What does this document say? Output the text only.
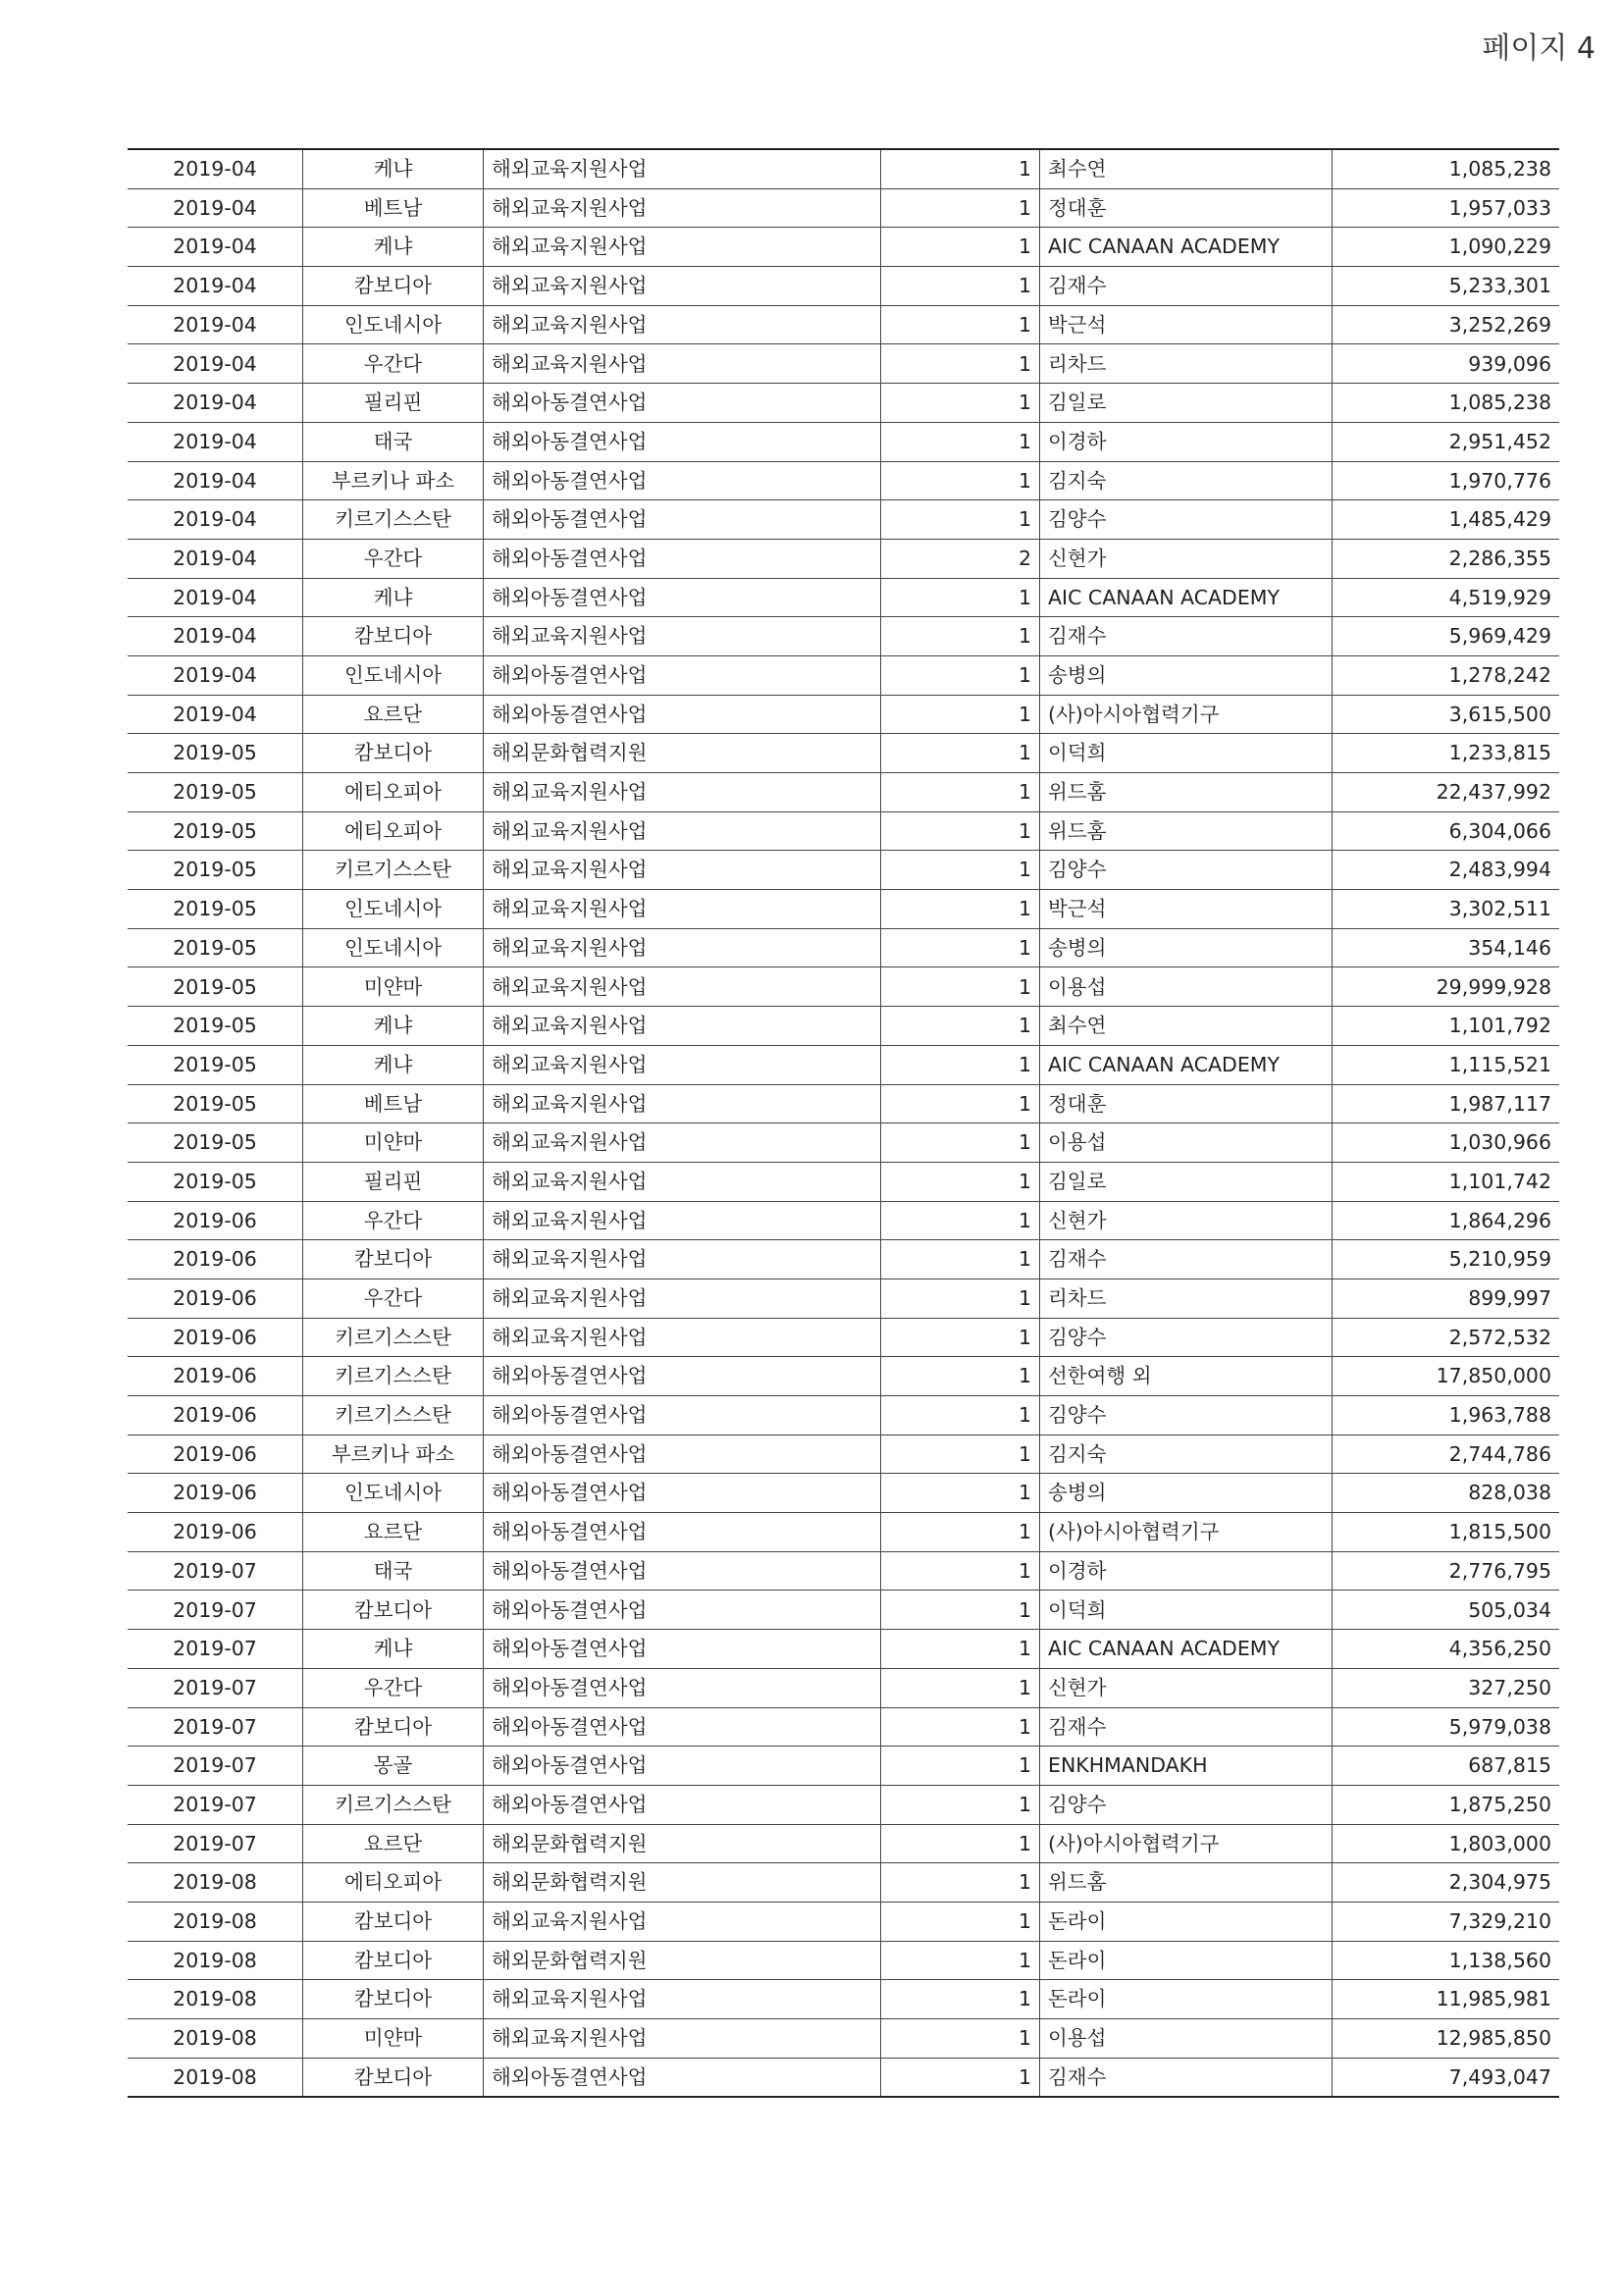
페이지 4
2019-04	케냐	해외교육지원사업	1	최수연	1,085,238
2019-04	베트남	해외교육지원사업	1	정대훈	1,957,033
2019-04	케냐	해외교육지원사업	1	AIC CANAAN ACADEMY	1,090,229
2019-04	캄보디아	해외교육지원사업	1	김재수	5,233,301
2019-04	인도네시아	해외교육지원사업	1	박근석	3,252,269
2019-04	우간다	해외교육지원사업	1	리차드	939,096
2019-04	필리핀	해외아동결연사업	1	김일로	1,085,238
2019-04	태국	해외아동결연사업	1	이경하	2,951,452
2019-04	부르키나 파소	해외아동결연사업	1	김지숙	1,970,776
2019-04	키르기스스탄	해외아동결연사업	1	김양수	1,485,429
2019-04	우간다	해외아동결연사업	2	신현가	2,286,355
2019-04	케냐	해외아동결연사업	1	AIC CANAAN ACADEMY	4,519,929
2019-04	캄보디아	해외교육지원사업	1	김재수	5,969,429
2019-04	인도네시아	해외아동결연사업	1	송병의	1,278,242
2019-04	요르단	해외아동결연사업	1	(사)아시아협력기구	3,615,500
2019-05	캄보디아	해외문화협력지원	1	이덕희	1,233,815
2019-05	에티오피아	해외교육지원사업	1	위드홈	22,437,992
2019-05	에티오피아	해외교육지원사업	1	위드홈	6,304,066
2019-05	키르기스스탄	해외교육지원사업	1	김양수	2,483,994
2019-05	인도네시아	해외교육지원사업	1	박근석	3,302,511
2019-05	인도네시아	해외교육지원사업	1	송병의	354,146
2019-05	미얀마	해외교육지원사업	1	이용섭	29,999,928
2019-05	케냐	해외교육지원사업	1	최수연	1,101,792
2019-05	케냐	해외교육지원사업	1	AIC CANAAN ACADEMY	1,115,521
2019-05	베트남	해외교육지원사업	1	정대훈	1,987,117
2019-05	미얀마	해외교육지원사업	1	이용섭	1,030,966
2019-05	필리핀	해외교육지원사업	1	김일로	1,101,742
2019-06	우간다	해외교육지원사업	1	신현가	1,864,296
2019-06	캄보디아	해외교육지원사업	1	김재수	5,210,959
2019-06	우간다	해외교육지원사업	1	리차드	899,997
2019-06	키르기스스탄	해외교육지원사업	1	김양수	2,572,532
2019-06	키르기스스탄	해외아동결연사업	1	선한여행 외	17,850,000
2019-06	키르기스스탄	해외아동결연사업	1	김양수	1,963,788
2019-06	부르키나 파소	해외아동결연사업	1	김지숙	2,744,786
2019-06	인도네시아	해외아동결연사업	1	송병의	828,038
2019-06	요르단	해외아동결연사업	1	(사)아시아협력기구	1,815,500
2019-07	태국	해외아동결연사업	1	이경하	2,776,795
2019-07	캄보디아	해외아동결연사업	1	이덕희	505,034
2019-07	케냐	해외아동결연사업	1	AIC CANAAN ACADEMY	4,356,250
2019-07	우간다	해외아동결연사업	1	신현가	327,250
2019-07	캄보디아	해외아동결연사업	1	김재수	5,979,038
2019-07	몽골	해외아동결연사업	1	ENKHMANDAKH	687,815
2019-07	키르기스스탄	해외아동결연사업	1	김양수	1,875,250
2019-07	요르단	해외문화협력지원	1	(사)아시아협력기구	1,803,000
2019-08	에티오피아	해외문화협력지원	1	위드홈	2,304,975
2019-08	캄보디아	해외교육지원사업	1	돈라이	7,329,210
2019-08	캄보디아	해외문화협력지원	1	돈라이	1,138,560
2019-08	캄보디아	해외교육지원사업	1	돈라이	11,985,981
2019-08	미얀마	해외교육지원사업	1	이용섭	12,985,850
2019-08	캄보디아	해외아동결연사업	1	김재수	7,493,047
